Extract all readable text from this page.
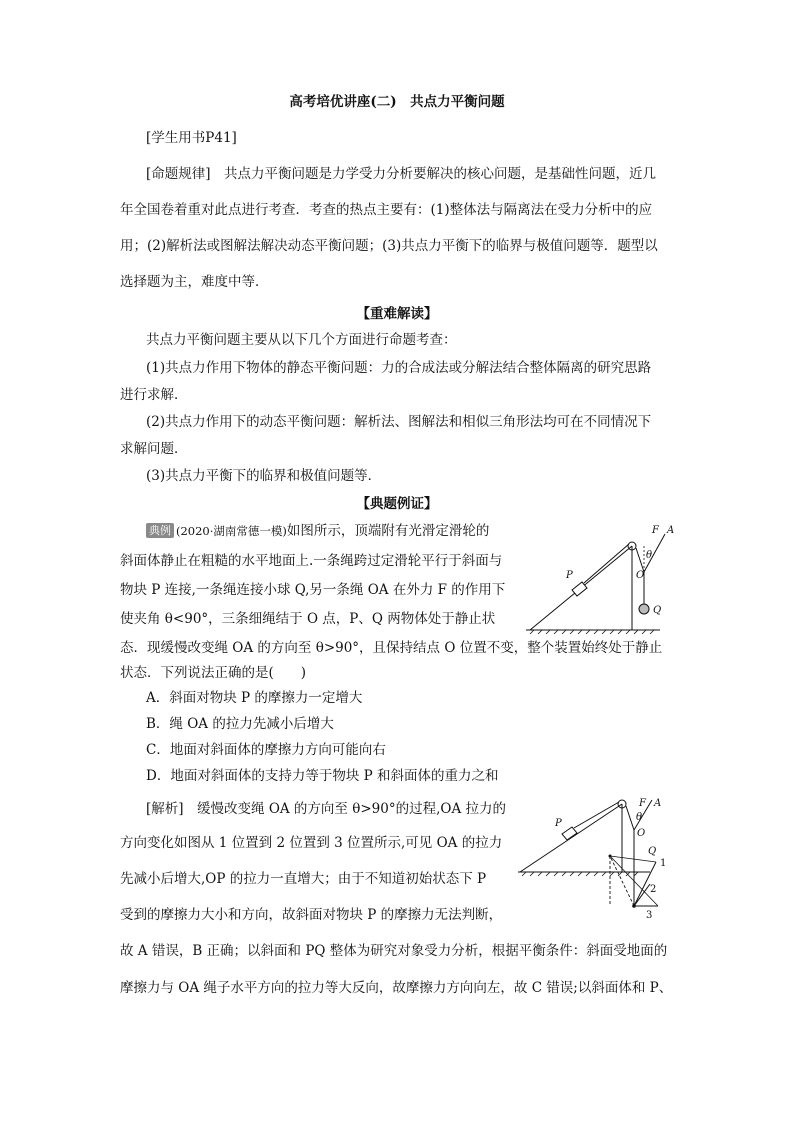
高考培优讲座(二)　共点力平衡问题
[学生用书P41]
[命题规律]　共点力平衡问题是力学受力分析要解决的核心问题，是基础性问题，近几
年全国卷着重对此点进行考查．考查的热点主要有：(1)整体法与隔离法在受力分析中的应
用；(2)解析法或图解法解决动态平衡问题；(3)共点力平衡下的临界与极值问题等．题型以
选择题为主，难度中等．
【重难解读】
共点力平衡问题主要从以下几个方面进行命题考查：
(1)共点力作用下物体的静态平衡问题：力的合成法或分解法结合整体隔离的研究思路
进行求解．
(2)共点力作用下的动态平衡问题：解析法、图解法和相似三角形法均可在不同情况下
求解问题．
(3)共点力平衡下的临界和极值问题等．
【典题例证】
典例 (2020·湖南常德一模)如图所示，顶端附有光滑定滑轮的
斜面体静止在粗糙的水平地面上.一条绳跨过定滑轮平行于斜面与
物块 P 连接,一条绳连接小球 Q,另一条绳 OA 在外力 F 的作用下
使夹角 θ<90°，三条细绳结于 O 点，P、Q 两物体处于静止状
态．现缓慢改变绳 OA 的方向至 θ>90°，且保持结点 O 位置不变，整个装置始终处于静止
状态．下列说法正确的是(　　)
A．斜面对物块 P 的摩擦力一定增大
B．绳 OA 的拉力先减小后增大
C．地面对斜面体的摩擦力方向可能向右
D．地面对斜面体的支持力等于物块 P 和斜面体的重力之和
[解析]　缓慢改变绳 OA 的方向至 θ>90°的过程,OA 拉力的
方向变化如图从 1 位置到 2 位置到 3 位置所示,可见 OA 的拉力
先减小后增大,OP 的拉力一直增大；由于不知道初始状态下 P
受到的摩擦力大小和方向，故斜面对物块 P 的摩擦力无法判断，
故 A 错误，B 正确；以斜面和 PQ 整体为研究对象受力分析，根据平衡条件：斜面受地面的
摩擦力与 OA 绳子水平方向的拉力等大反向，故摩擦力方向向左，故 C 错误;以斜面体和 P、
P
Q
O
F A
θ
P
O
Q
F A
θ
1
2
3
